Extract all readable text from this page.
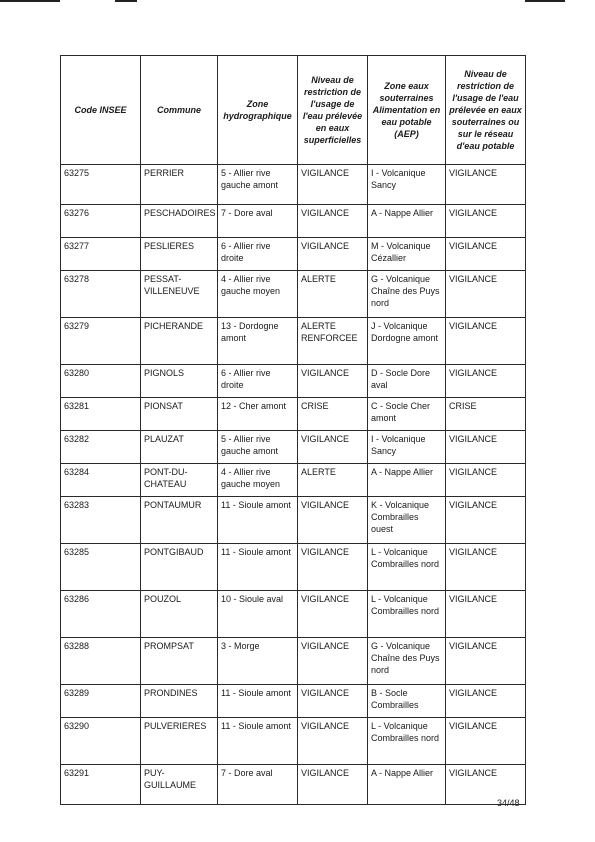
Code INSEE	Commune	Zone hydrographique	Niveau de restriction de l'usage de l'eau prélevée en eaux superficielles	Zone eaux souterraines Alimentation en eau potable (AEP)	Niveau de restriction de l'usage de l'eau prélevée en eaux souterraines ou sur le réseau d'eau potable
63275	PERRIER	5 - Allier rive gauche amont	VIGILANCE	I - Volcanique Sancy	VIGILANCE
63276	PESCHADOIRES	7 - Dore aval	VIGILANCE	A - Nappe Allier	VIGILANCE
63277	PESLIERES	6 - Allier rive droite	VIGILANCE	M - Volcanique Cézallier	VIGILANCE
63278	PESSAT-VILLENEUVE	4 - Allier rive gauche moyen	ALERTE	G - Volcanique Chaîne des Puys nord	VIGILANCE
63279	PICHERANDE	13 - Dordogne amont	ALERTE RENFORCEE	J - Volcanique Dordogne amont	VIGILANCE
63280	PIGNOLS	6 - Allier rive droite	VIGILANCE	D - Socle Dore aval	VIGILANCE
63281	PIONSAT	12 - Cher amont	CRISE	C - Socle Cher amont	CRISE
63282	PLAUZAT	5 - Allier rive gauche amont	VIGILANCE	I - Volcanique Sancy	VIGILANCE
63284	PONT-DU-CHATEAU	4 - Allier rive gauche moyen	ALERTE	A - Nappe Allier	VIGILANCE
63283	PONTAUMUR	11 - Sioule amont	VIGILANCE	K - Volcanique Combrailles ouest	VIGILANCE
63285	PONTGIBAUD	11 - Sioule amont	VIGILANCE	L - Volcanique Combrailles nord	VIGILANCE
63286	POUZOL	10 - Sioule aval	VIGILANCE	L - Volcanique Combrailles nord	VIGILANCE
63288	PROMPSAT	3 - Morge	VIGILANCE	G - Volcanique Chaîne des Puys nord	VIGILANCE
63289	PRONDINES	11 - Sioule amont	VIGILANCE	B - Socle Combrailles	VIGILANCE
63290	PULVERIERES	11 - Sioule amont	VIGILANCE	L - Volcanique Combrailles nord	VIGILANCE
63291	PUY-GUILLAUME	7 - Dore aval	VIGILANCE	A - Nappe Allier	VIGILANCE
34/48
